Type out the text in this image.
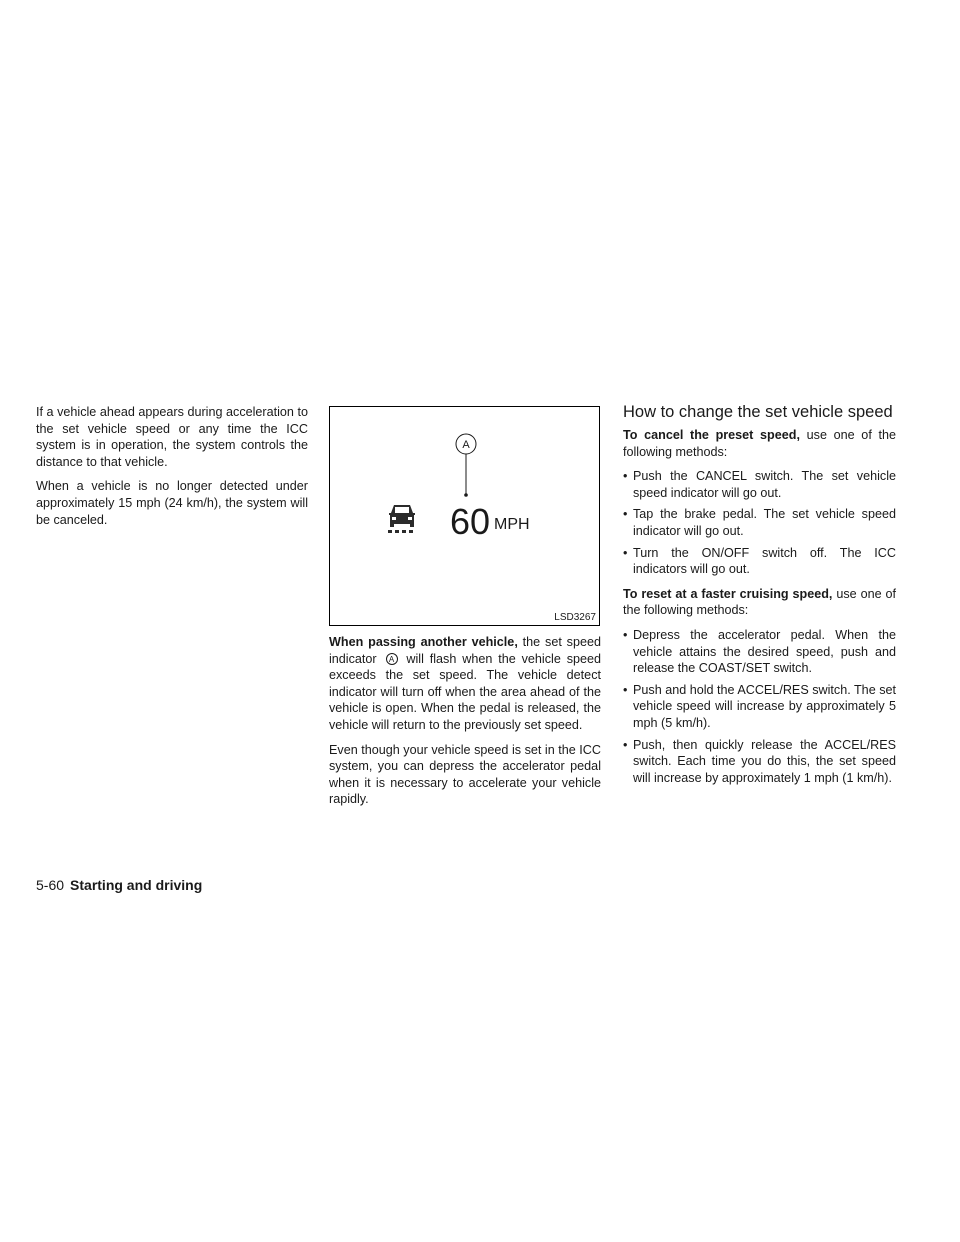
If a vehicle ahead appears during acceleration to the set vehicle speed or any time the ICC system is in operation, the system controls the distance to that vehicle.

When a vehicle is no longer detected under approximately 15 mph (24 km/h), the system will be canceled.

A
60 MPH
LSD3267

When passing another vehicle, the set speed indicator A will flash when the vehicle speed exceeds the set speed. The vehicle detect indicator will turn off when the area ahead of the vehicle is open. When the pedal is released, the vehicle will return to the previously set speed.

Even though your vehicle speed is set in the ICC system, you can depress the accelerator pedal when it is necessary to accelerate your vehicle rapidly.

How to change the set vehicle speed

To cancel the preset speed, use one of the following methods:

• Push the CANCEL switch. The set vehicle speed indicator will go out.
• Tap the brake pedal. The set vehicle speed indicator will go out.
• Turn the ON/OFF switch off. The ICC indicators will go out.

To reset at a faster cruising speed, use one of the following methods:

• Depress the accelerator pedal. When the vehicle attains the desired speed, push and release the COAST/SET switch.
• Push and hold the ACCEL/RES switch. The set vehicle speed will increase by approximately 5 mph (5 km/h).
• Push, then quickly release the ACCEL/RES switch. Each time you do this, the set speed will increase by approximately 1 mph (1 km/h).
5-60 Starting and driving
